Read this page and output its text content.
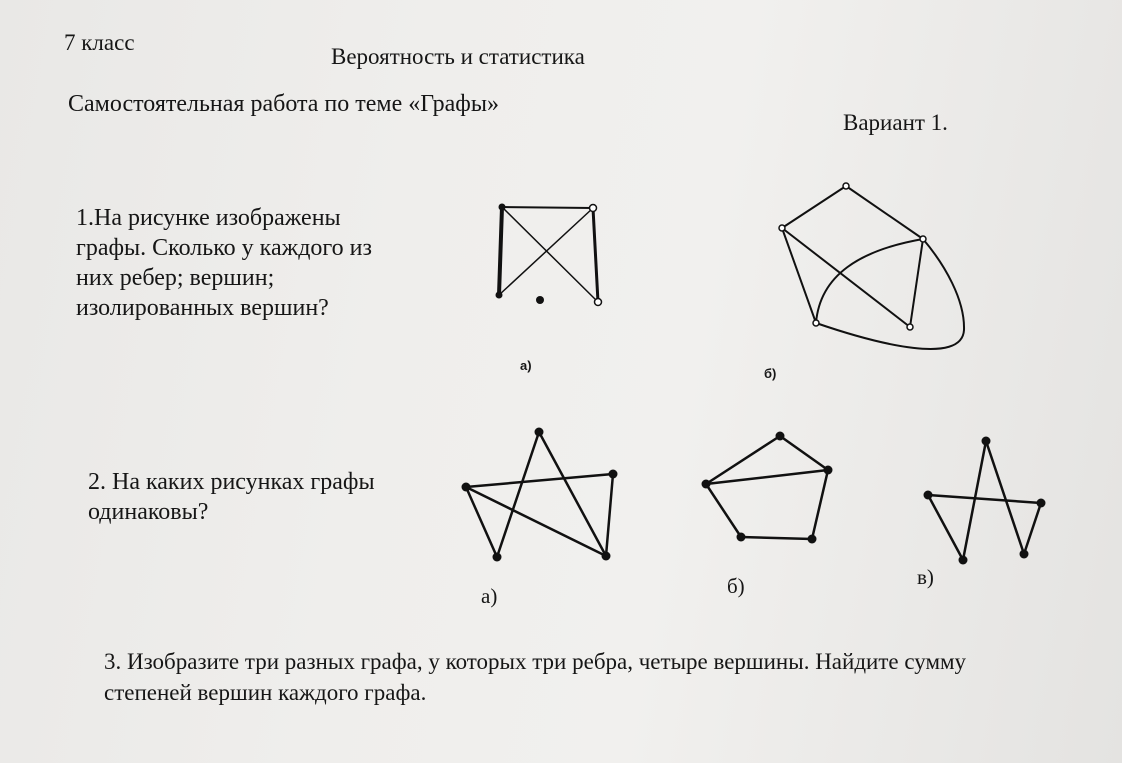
7 класс
Вероятность и статистика
Самостоятельная работа по теме «Графы»
Вариант 1.
1.На рисунке изображены
графы. Сколько у каждого из
них ребер; вершин;
изолированных вершин?
2. На каких рисунках графы
одинаковы?
3. Изобразите три разных графа, у которых три ребра, четыре вершины. Найдите сумму
степеней вершин каждого графа.
а)
б)
а)	б)	в)
